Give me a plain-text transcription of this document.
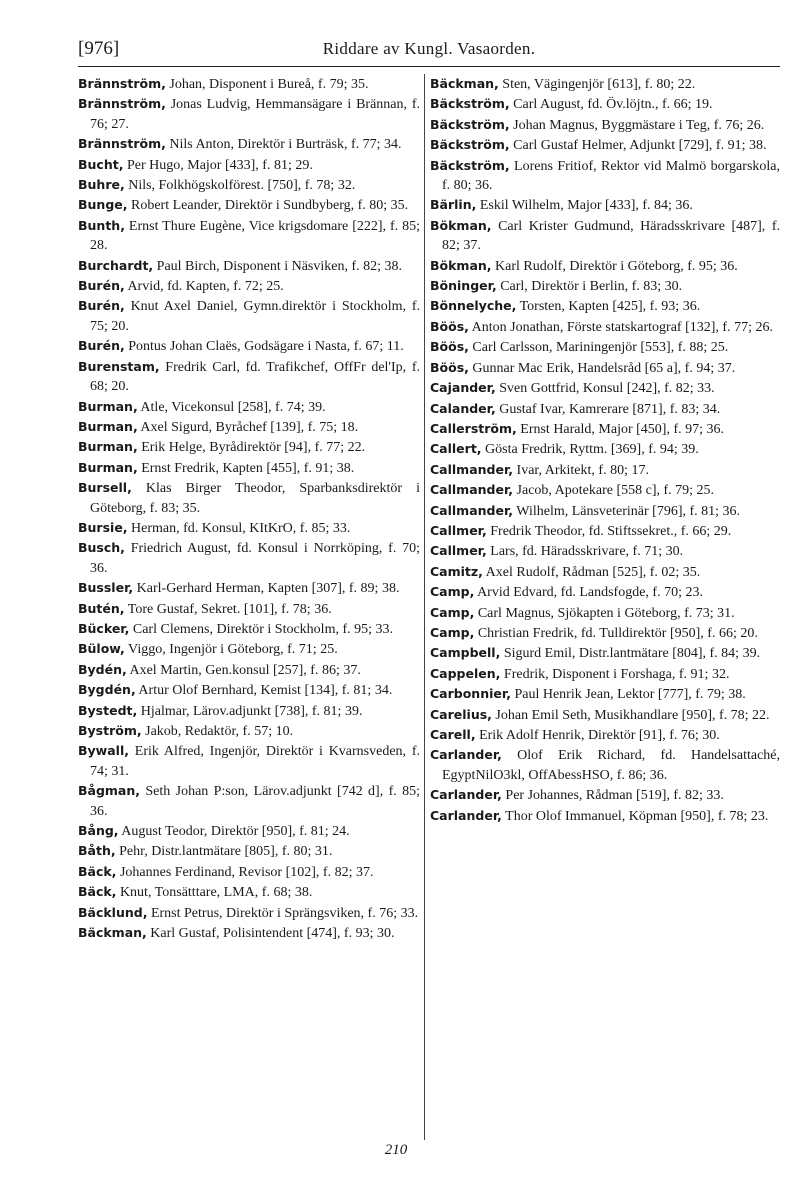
[976]	Riddare av Kungl. Vasaorden.
Brännström, Johan, Disponent i Bureå, f. 79; 35.
Brännström, Jonas Ludvig, Hemmansägare i Brännan, f. 76; 27.
Brännström, Nils Anton, Direktör i Burträsk, f. 77; 34.
Bucht, Per Hugo, Major [433], f. 81; 29.
Buhre, Nils, Folkhögskolförest. [750], f. 78; 32.
Bunge, Robert Leander, Direktör i Sundbyberg, f. 80; 35.
Bunth, Ernst Thure Eugène, Vice krigsdomare [222], f. 85; 28.
Burchardt, Paul Birch, Disponent i Näsviken, f. 82; 38.
Burén, Arvid, fd. Kapten, f. 72; 25.
Burén, Knut Axel Daniel, Gymn.direktör i Stockholm, f. 75; 20.
Burén, Pontus Johan Claës, Godsägare i Nasta, f. 67; 11.
Burenstam, Fredrik Carl, fd. Trafikchef, OffFr del'Ip, f. 68; 20.
Burman, Atle, Vicekonsul [258], f. 74; 39.
Burman, Axel Sigurd, Byråchef [139], f. 75; 18.
Burman, Erik Helge, Byrådirektör [94], f. 77; 22.
Burman, Ernst Fredrik, Kapten [455], f. 91; 38.
Bursell, Klas Birger Theodor, Sparbanksdirektör i Göteborg, f. 83; 35.
Bursie, Herman, fd. Konsul, KItKrO, f. 85; 33.
Busch, Friedrich August, fd. Konsul i Norrköping, f. 70; 36.
Bussler, Karl-Gerhard Herman, Kapten [307], f. 89; 38.
Butén, Tore Gustaf, Sekret. [101], f. 78; 36.
Bücker, Carl Clemens, Direktör i Stockholm, f. 95; 33.
Bülow, Viggo, Ingenjör i Göteborg, f. 71; 25.
Bydén, Axel Martin, Gen.konsul [257], f. 86; 37.
Bygdén, Artur Olof Bernhard, Kemist [134], f. 81; 34.
Bystedt, Hjalmar, Lärov.adjunkt [738], f. 81; 39.
Byström, Jakob, Redaktör, f. 57; 10.
Bywall, Erik Alfred, Ingenjör, Direktör i Kvarnsveden, f. 74; 31.
Bågman, Seth Johan P:son, Lärov.adjunkt [742 d], f. 85; 36.
Bång, August Teodor, Direktör [950], f. 81; 24.
Båth, Pehr, Distr.lantmätare [805], f. 80; 31.
Bäck, Johannes Ferdinand, Revisor [102], f. 82; 37.
Bäck, Knut, Tonsätttare, LMA, f. 68; 38.
Bäcklund, Ernst Petrus, Direktör i Sprängsviken, f. 76; 33.
Bäckman, Karl Gustaf, Polisintendent [474], f. 93; 30.
Bäckman, Sten, Vägingenjör [613], f. 80; 22.
Bäckström, Carl August, fd. Öv.löjtn., f. 66; 19.
Bäckström, Johan Magnus, Byggmästare i Teg, f. 76; 26.
Bäckström, Carl Gustaf Helmer, Adjunkt [729], f. 91; 38.
Bäckström, Lorens Fritiof, Rektor vid Malmö borgarskola, f. 80; 36.
Bärlin, Eskil Wilhelm, Major [433], f. 84; 36.
Bökman, Carl Krister Gudmund, Häradsskrivare [487], f. 82; 37.
Bökman, Karl Rudolf, Direktör i Göteborg, f. 95; 36.
Böninger, Carl, Direktör i Berlin, f. 83; 30.
Bönnelyche, Torsten, Kapten [425], f. 93; 36.
Böös, Anton Jonathan, Förste statskartograf [132], f. 77; 26.
Böös, Carl Carlsson, Mariningenjör [553], f. 88; 25.
Böös, Gunnar Mac Erik, Handelsråd [65 a], f. 94; 37.
Cajander, Sven Gottfrid, Konsul [242], f. 82; 33.
Calander, Gustaf Ivar, Kamrerare [871], f. 83; 34.
Callerström, Ernst Harald, Major [450], f. 97; 36.
Callert, Gösta Fredrik, Ryttm. [369], f. 94; 39.
Callmander, Ivar, Arkitekt, f. 80; 17.
Callmander, Jacob, Apotekare [558 c], f. 79; 25.
Callmander, Wilhelm, Länsveterinär [796], f. 81; 36.
Callmer, Fredrik Theodor, fd. Stiftssekret., f. 66; 29.
Callmer, Lars, fd. Häradsskrivare, f. 71; 30.
Camitz, Axel Rudolf, Rådman [525], f. 02; 35.
Camp, Arvid Edvard, fd. Landsfogde, f. 70; 23.
Camp, Carl Magnus, Sjökapten i Göteborg, f. 73; 31.
Camp, Christian Fredrik, fd. Tulldirektör [950], f. 66; 20.
Campbell, Sigurd Emil, Distr.lantmätare [804], f. 84; 39.
Cappelen, Fredrik, Disponent i Forshaga, f. 91; 32.
Carbonnier, Paul Henrik Jean, Lektor [777], f. 79; 38.
Carelius, Johan Emil Seth, Musikhandlare [950], f. 78; 22.
Carell, Erik Adolf Henrik, Direktör [91], f. 76; 30.
Carlander, Olof Erik Richard, fd. Handelsattaché, EgyptNilO3kl, OffAbessHSO, f. 86; 36.
Carlander, Per Johannes, Rådman [519], f. 82; 33.
Carlander, Thor Olof Immanuel, Köpman [950], f. 78; 23.
210
